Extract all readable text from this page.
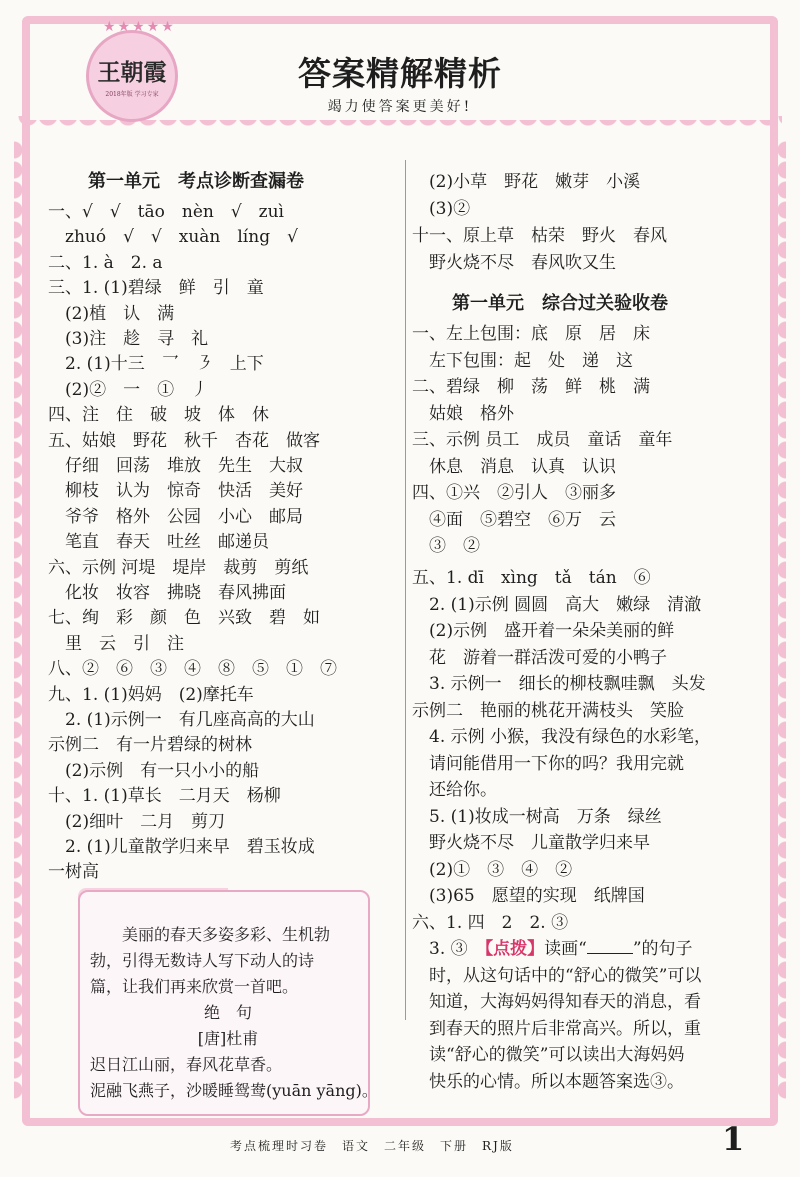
★★★★★
王朝霞
2018年版 学习专家
答案精解精析
竭力使答案更美好!
第一单元　考点诊断查漏卷
一、√　√　tāo　nèn　√　zuì
　zhuó　√　√　xuàn　líng　√
二、1. à　2. a
三、1. (1)碧绿　鲜　引　童
　(2)植　认　满
　(3)注　趁　寻　礼
　2. (1)十三　乛　㇋　上下
　(2)②　一　①　丿
四、注　住　破　坡　体　休
五、姑娘　野花　秋千　杏花　做客
　仔细　回荡　堆放　先生　大叔
　柳枝　认为　惊奇　快活　美好
　爷爷　格外　公园　小心　邮局
　笔直　春天　吐丝　邮递员
六、示例 河堤　堤岸　裁剪　剪纸
　化妆　妆容　拂晓　春风拂面
七、绚　彩　颜　色　兴致　碧　如
　里　云　引　注
八、②　⑥　③　④　⑧　⑤　①　⑦
九、1. (1)妈妈　(2)摩托车
　2. (1)示例一　有几座高高的大山
示例二　有一片碧绿的树林
　(2)示例　有一只小小的船
十、1. (1)草长　二月天　杨柳
　(2)细叶　二月　剪刀
　2. (1)儿童散学归来早　碧玉妆成
一树高
　　美丽的春天多姿多彩、生机勃
勃，引得无数诗人写下动人的诗
篇，让我们再来欣赏一首吧。
绝　句
[唐]杜甫
迟日江山丽，春风花草香。
泥融飞燕子，沙暖睡鸳鸯(yuān yāng)。
　(2)小草　野花　嫩芽　小溪
　(3)②
十一、原上草　枯荣　野火　春风
　野火烧不尽　春风吹又生
第一单元　综合过关验收卷
一、左上包围：底　原　居　床
　左下包围：起　处　递　这
二、碧绿　柳　荡　鲜　桃　满
　姑娘　格外
三、示例 员工　成员　童话　童年
　休息　消息　认真　认识
四、①兴　②引人　③丽多
　④面　⑤碧空　⑥万　云
　③　②
五、1. dī　xìng　tǎ　tán　⑥
　2. (1)示例 圆圆　高大　嫩绿　清澈
　(2)示例　盛开着一朵朵美丽的鲜
　花　游着一群活泼可爱的小鸭子
　3. 示例一　细长的柳枝飘哇飘　头发
示例二　艳丽的桃花开满枝头　笑脸
　4. 示例 小猴，我没有绿色的水彩笔，
　请问能借用一下你的吗？我用完就
　还给你。
　5. (1)妆成一树高　万条　绿丝
　野火烧不尽　儿童散学归来早
　(2)①　③　④　②
　(3)65　愿望的实现　纸牌国
六、1. 四　2　2. ③
　3. ③　【点拨】读画“	”的句子
　时，从这句话中的“舒心的微笑”可以
　知道，大海妈妈得知春天的消息，看
　到春天的照片后非常高兴。所以，重
　读“舒心的微笑”可以读出大海妈妈
　快乐的心情。所以本题答案选③。
考点梳理时习卷　语文　二年级　下册　RJ版	1
